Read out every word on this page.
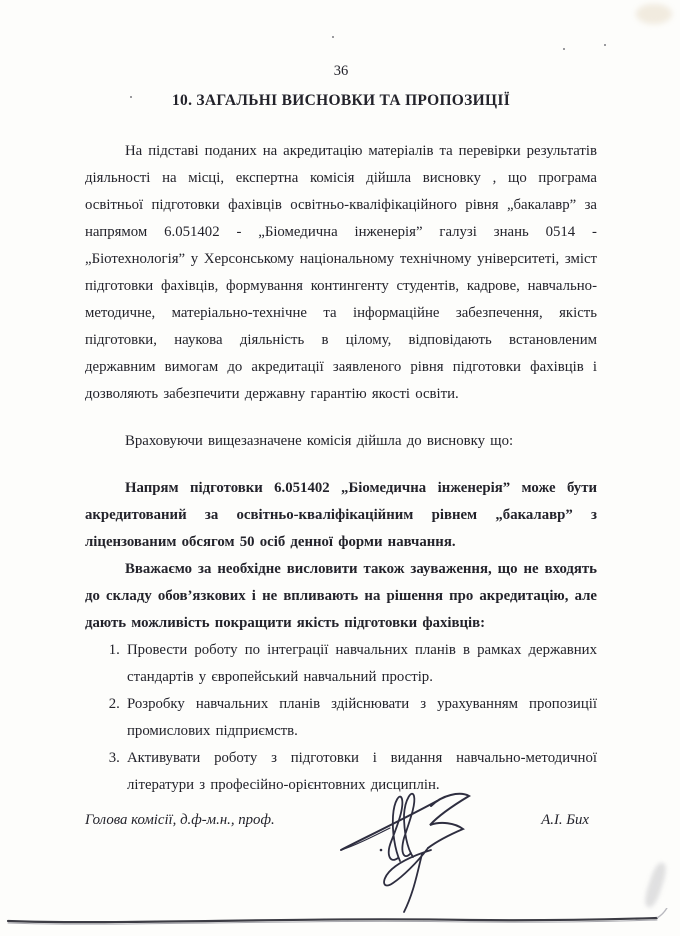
36
10. ЗАГАЛЬНІ ВИСНОВКИ ТА ПРОПОЗИЦІЇ

На підставі поданих на акредитацію матеріалів та перевірки результатів діяльності на місці, експертна комісія дійшла висновку , що програма освітньої підготовки фахівців освітньо-кваліфікаційного рівня „бакалавр” за напрямом 6.051402 - „Біомедична інженерія” галузі знань 0514 - „Біотехнологія” у Херсонському національному технічному університеті, зміст підготовки фахівців, формування контингенту студентів, кадрове, навчально-методичне, матеріально-технічне та інформаційне забезпечення, якість підготовки, наукова діяльність в цілому, відповідають встановленим державним вимогам до акредитації заявленого рівня підготовки фахівців і дозволяють забезпечити державну гарантію якості освіти.

Враховуючи вищезазначене комісія дійшла до висновку що:

Напрям підготовки 6.051402 „Біомедична інженерія” може бути акредитований за освітньо-кваліфікаційним рівнем „бакалавр” з ліцензованим обсягом 50 осіб денної форми навчання.

Вважаємо за необхідне висловити також зауваження, що не входять до складу обов’язкових і не впливають на рішення про акредитацію, але дають можливість покращити якість підготовки фахівців:

1. Провести роботу по інтеграції навчальних планів в рамках державних стандартів у європейський навчальний простір.
2. Розробку навчальних планів здійснювати з урахуванням пропозиції промислових підприємств.
3. Активувати роботу з підготовки і видання навчально-методичної літератури з професійно-орієнтовних дисциплін.
Голова комісії, д.ф-м.н., проф.	А.І. Бих
